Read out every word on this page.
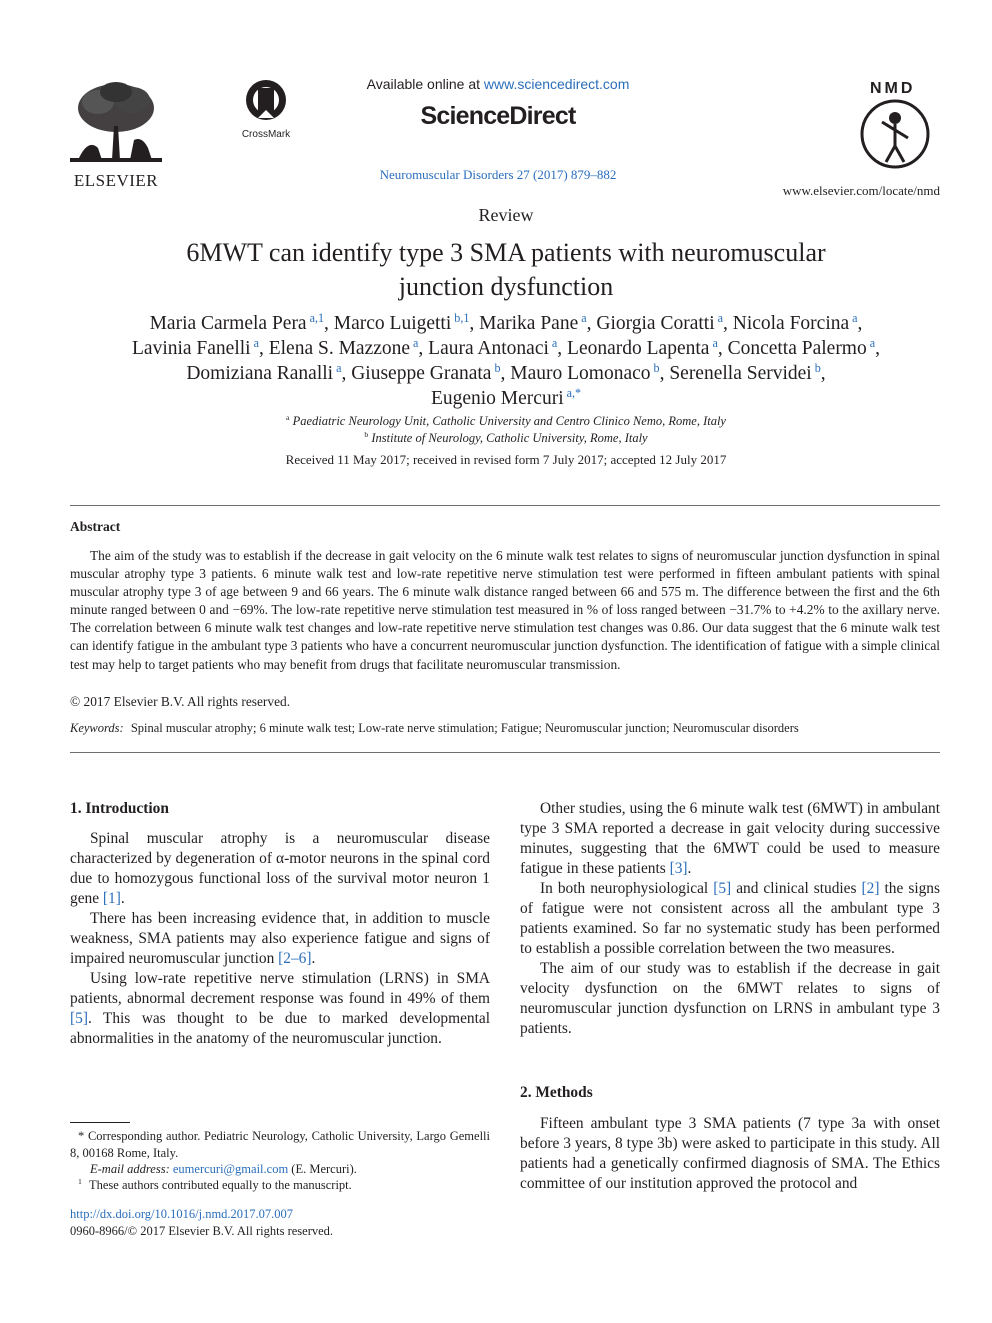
ELSEVIER
CrossMark
Available online at www.sciencedirect.com
ScienceDirect
Neuromuscular Disorders 27 (2017) 879–882
NMD
www.elsevier.com/locate/nmd
Review
6MWT can identify type 3 SMA patients with neuromuscular
junction dysfunction
Maria Carmela Pera $^{a,1}$, Marco Luigetti $^{b,1}$, Marika Pane $^a$, Giorgia Coratti $^a$, Nicola Forcina $^a$,
Lavinia Fanelli $^a$, Elena S. Mazzone $^a$, Laura Antonaci $^a$, Leonardo Lapenta $^a$, Concetta Palermo $^a$,
Domiziana Ranalli $^a$, Giuseppe Granata $^b$, Mauro Lomonaco $^b$, Serenella Servidei $^b$,
Eugenio Mercuri $^{a,*}$
$^a$ Paediatric Neurology Unit, Catholic University and Centro Clinico Nemo, Rome, Italy
$^b$ Institute of Neurology, Catholic University, Rome, Italy
Received 11 May 2017; received in revised form 7 July 2017; accepted 12 July 2017
Abstract
The aim of the study was to establish if the decrease in gait velocity on the 6 minute walk test relates to signs of neuromuscular junction dysfunction in spinal muscular atrophy type 3 patients. 6 minute walk test and low-rate repetitive nerve stimulation test were performed in fifteen ambulant patients with spinal muscular atrophy type 3 of age between 9 and 66 years. The 6 minute walk distance ranged between 66 and 575 m. The difference between the first and the 6th minute ranged between 0 and −69%. The low-rate repetitive nerve stimulation test measured in % of loss ranged between −31.7% to +4.2% to the axillary nerve. The correlation between 6 minute walk test changes and low-rate repetitive nerve stimulation test changes was 0.86. Our data suggest that the 6 minute walk test can identify fatigue in the ambulant type 3 patients who have a concurrent neuromuscular junction dysfunction. The identification of fatigue with a simple clinical test may help to target patients who may benefit from drugs that facilitate neuromuscular transmission.
© 2017 Elsevier B.V. All rights reserved.
Keywords: Spinal muscular atrophy; 6 minute walk test; Low-rate nerve stimulation; Fatigue; Neuromuscular junction; Neuromuscular disorders
1. Introduction

Spinal muscular atrophy is a neuromuscular disease characterized by degeneration of α-motor neurons in the spinal cord due to homozygous functional loss of the survival motor neuron 1 gene [1].

There has been increasing evidence that, in addition to muscle weakness, SMA patients may also experience fatigue and signs of impaired neuromuscular junction [2–6].

Using low-rate repetitive nerve stimulation (LRNS) in SMA patients, abnormal decrement response was found in 49% of them [5]. This was thought to be due to marked developmental abnormalities in the anatomy of the neuromuscular junction.

Other studies, using the 6 minute walk test (6MWT) in ambulant type 3 SMA reported a decrease in gait velocity during successive minutes, suggesting that the 6MWT could be used to measure fatigue in these patients [3].

In both neurophysiological [5] and clinical studies [2] the signs of fatigue were not consistent across all the ambulant type 3 patients examined. So far no systematic study has been performed to establish a possible correlation between the two measures.

The aim of our study was to establish if the decrease in gait velocity dysfunction on the 6MWT relates to signs of neuromuscular junction dysfunction on LRNS in ambulant type 3 patients.

2. Methods

Fifteen ambulant type 3 SMA patients (7 type 3a with onset before 3 years, 8 type 3b) were asked to participate in this study. All patients had a genetically confirmed diagnosis of SMA. The Ethics committee of our institution approved the protocol and

* Corresponding author. Pediatric Neurology, Catholic University, Largo Gemelli 8, 00168 Rome, Italy.
E-mail address: eumercuri@gmail.com (E. Mercuri).
$^1$ These authors contributed equally to the manuscript.
http://dx.doi.org/10.1016/j.nmd.2017.07.007
0960-8966/© 2017 Elsevier B.V. All rights reserved.
